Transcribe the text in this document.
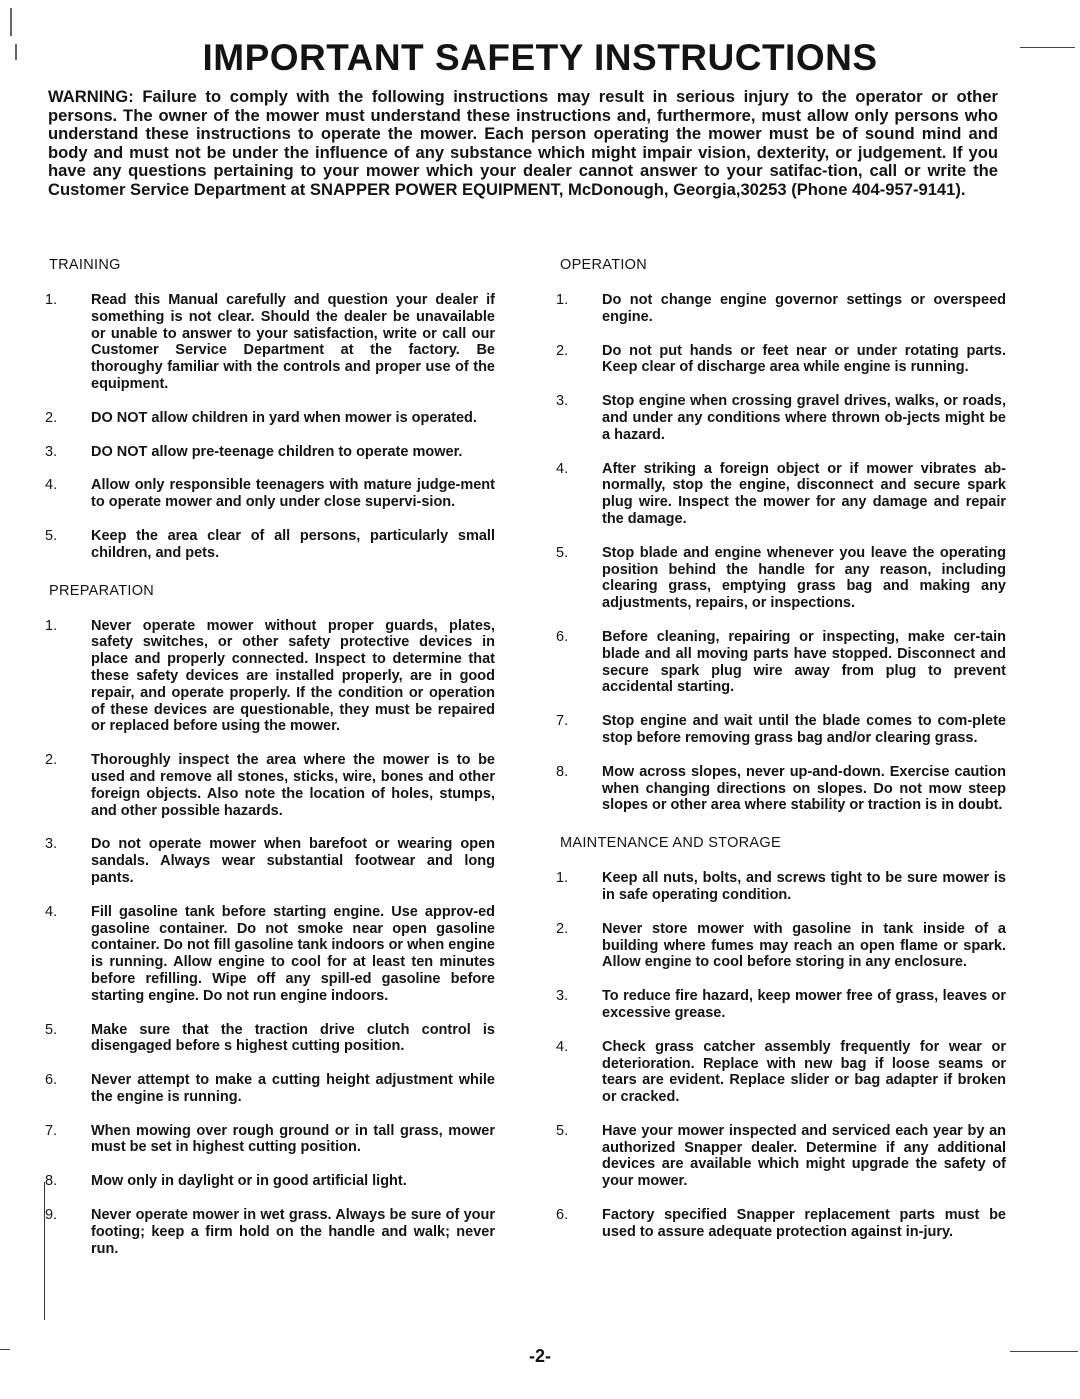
IMPORTANT SAFETY INSTRUCTIONS

WARNING: Failure to comply with the following instructions may result in serious injury to the operator or other persons. The owner of the mower must understand these instructions and, furthermore, must allow only persons who understand these instructions to operate the mower. Each person operating the mower must be of sound mind and body and must not be under the influence of any substance which might impair vision, dexterity, or judgement. If you have any questions pertaining to your mower which your dealer cannot answer to your satifac-tion, call or write the Customer Service Department at SNAPPER POWER EQUIPMENT, McDonough, Georgia,30253 (Phone 404-957-9141).

TRAINING
1.	Read this Manual carefully and question your dealer if something is not clear. Should the dealer be unavailable or unable to answer to your satisfaction, write or call our Customer Service Department at the factory. Be thoroughy familiar with the controls and proper use of the equipment.
2.	DO NOT allow children in yard when mower is operated.
3.	DO NOT allow pre-teenage children to operate mower.
4.	Allow only responsible teenagers with mature judge-ment to operate mower and only under close supervi-sion.
5.	Keep the area clear of all persons, particularly small children, and pets.
PREPARATION
1.	Never operate mower without proper guards, plates, safety switches, or other safety protective devices in place and properly connected. Inspect to determine that these safety devices are installed properly, are in good repair, and operate properly. If the condition or operation of these devices are questionable, they must be repaired or replaced before using the mower.
2.	Thoroughly inspect the area where the mower is to be used and remove all stones, sticks, wire, bones and other foreign objects. Also note the location of holes, stumps, and other possible hazards.
3.	Do not operate mower when barefoot or wearing open sandals. Always wear substantial footwear and long pants.
4.	Fill gasoline tank before starting engine. Use approv-ed gasoline container. Do not smoke near open gasoline container. Do not fill gasoline tank indoors or when engine is running. Allow engine to cool for at least ten minutes before refilling. Wipe off any spill-ed gasoline before starting engine. Do not run engine indoors.
5.	Make sure that the traction drive clutch control is disengaged before s highest cutting position.
6.	Never attempt to make a cutting height adjustment while the engine is running.
7.	When mowing over rough ground or in tall grass, mower must be set in highest cutting position.
8.	Mow only in daylight or in good artificial light.
9.	Never operate mower in wet grass. Always be sure of your footing; keep a firm hold on the handle and walk; never run.
OPERATION
1.	Do not change engine governor settings or overspeed engine.
2.	Do not put hands or feet near or under rotating parts. Keep clear of discharge area while engine is running.
3.	Stop engine when crossing gravel drives, walks, or roads, and under any conditions where thrown ob-jects might be a hazard.
4.	After striking a foreign object or if mower vibrates ab-normally, stop the engine, disconnect and secure spark plug wire. Inspect the mower for any damage and repair the damage.
5.	Stop blade and engine whenever you leave the operating position behind the handle for any reason, including clearing grass, emptying grass bag and making any adjustments, repairs, or inspections.
6.	Before cleaning, repairing or inspecting, make cer-tain blade and all moving parts have stopped. Disconnect and secure spark plug wire away from plug to prevent accidental starting.
7.	Stop engine and wait until the blade comes to com-plete stop before removing grass bag and/or clearing grass.
8.	Mow across slopes, never up-and-down. Exercise caution when changing directions on slopes. Do not mow steep slopes or other area where stability or traction is in doubt.
MAINTENANCE AND STORAGE
1.	Keep all nuts, bolts, and screws tight to be sure mower is in safe operating condition.
2.	Never store mower with gasoline in tank inside of a building where fumes may reach an open flame or spark. Allow engine to cool before storing in any enclosure.
3.	To reduce fire hazard, keep mower free of grass, leaves or excessive grease.
4.	Check grass catcher assembly frequently for wear or deterioration. Replace with new bag if loose seams or tears are evident. Replace slider or bag adapter if broken or cracked.
5.	Have your mower inspected and serviced each year by an authorized Snapper dealer. Determine if any additional devices are available which might upgrade the safety of your mower.
6.	Factory specified Snapper replacement parts must be used to assure adequate protection against in-jury.

-2-
